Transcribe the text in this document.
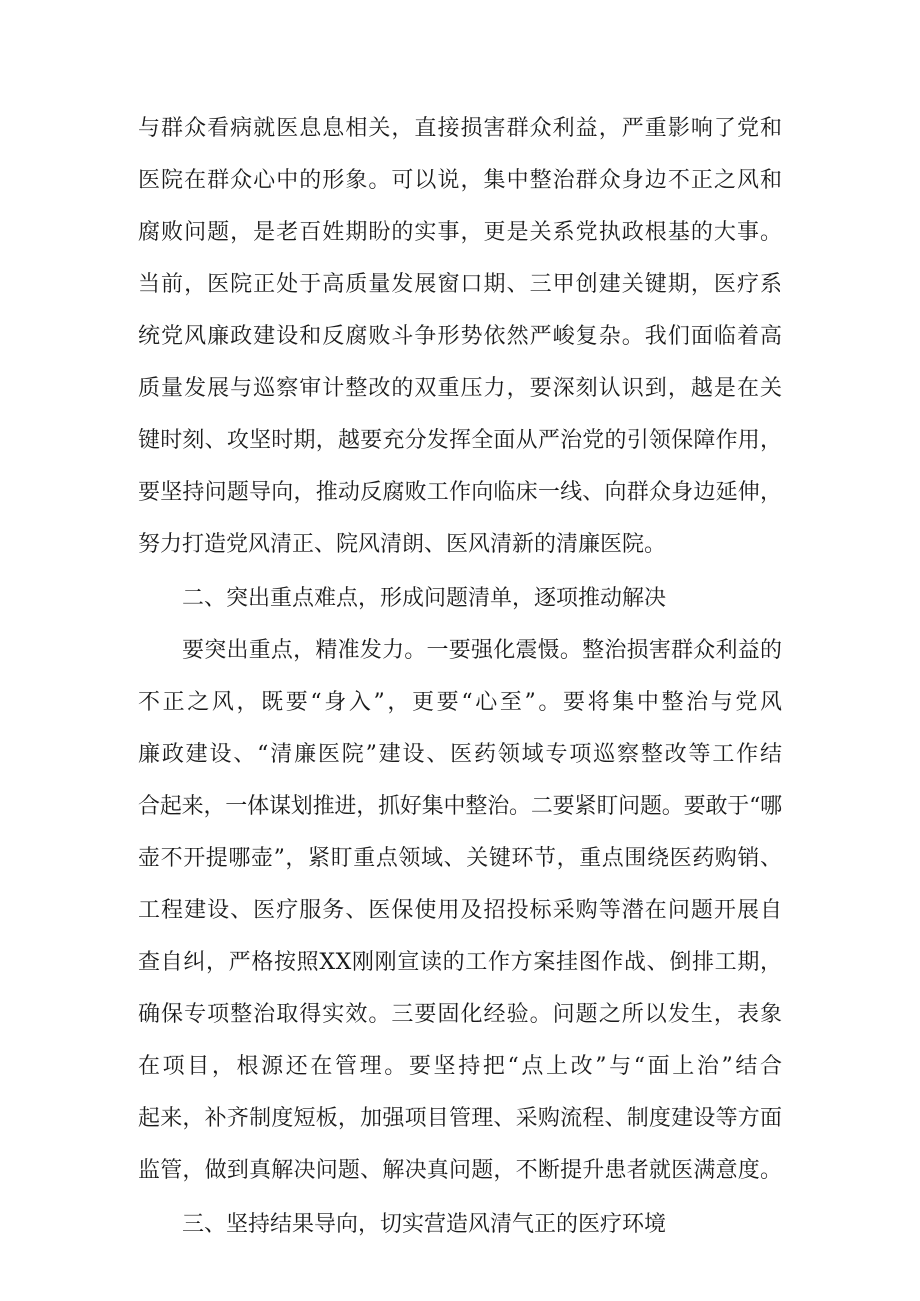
与群众看病就医息息相关，直接损害群众利益，严重影响了党和
医院在群众心中的形象。可以说，集中整治群众身边不正之风和
腐败问题，是老百姓期盼的实事，更是关系党执政根基的大事。
当前，医院正处于高质量发展窗口期、三甲创建关键期，医疗系
统党风廉政建设和反腐败斗争形势依然严峻复杂。我们面临着高
质量发展与巡察审计整改的双重压力，要深刻认识到，越是在关
键时刻、攻坚时期，越要充分发挥全面从严治党的引领保障作用，
要坚持问题导向，推动反腐败工作向临床一线、向群众身边延伸，
努力打造党风清正、院风清朗、医风清新的清廉医院。
二、突出重点难点，形成问题清单，逐项推动解决
要突出重点，精准发力。一要强化震慑。整治损害群众利益的
不正之风，既要“身入”，更要“心至”。要将集中整治与党风
廉政建设、“清廉医院”建设、医药领域专项巡察整改等工作结
合起来，一体谋划推进，抓好集中整治。二要紧盯问题。要敢于“哪
壶不开提哪壶”，紧盯重点领域、关键环节，重点围绕医药购销、
工程建设、医疗服务、医保使用及招投标采购等潜在问题开展自
查自纠，严格按照XX刚刚宣读的工作方案挂图作战、倒排工期，
确保专项整治取得实效。三要固化经验。问题之所以发生，表象
在项目，根源还在管理。要坚持把“点上改”与“面上治”结合
起来，补齐制度短板，加强项目管理、采购流程、制度建设等方面
监管，做到真解决问题、解决真问题，不断提升患者就医满意度。
三、坚持结果导向，切实营造风清气正的医疗环境
